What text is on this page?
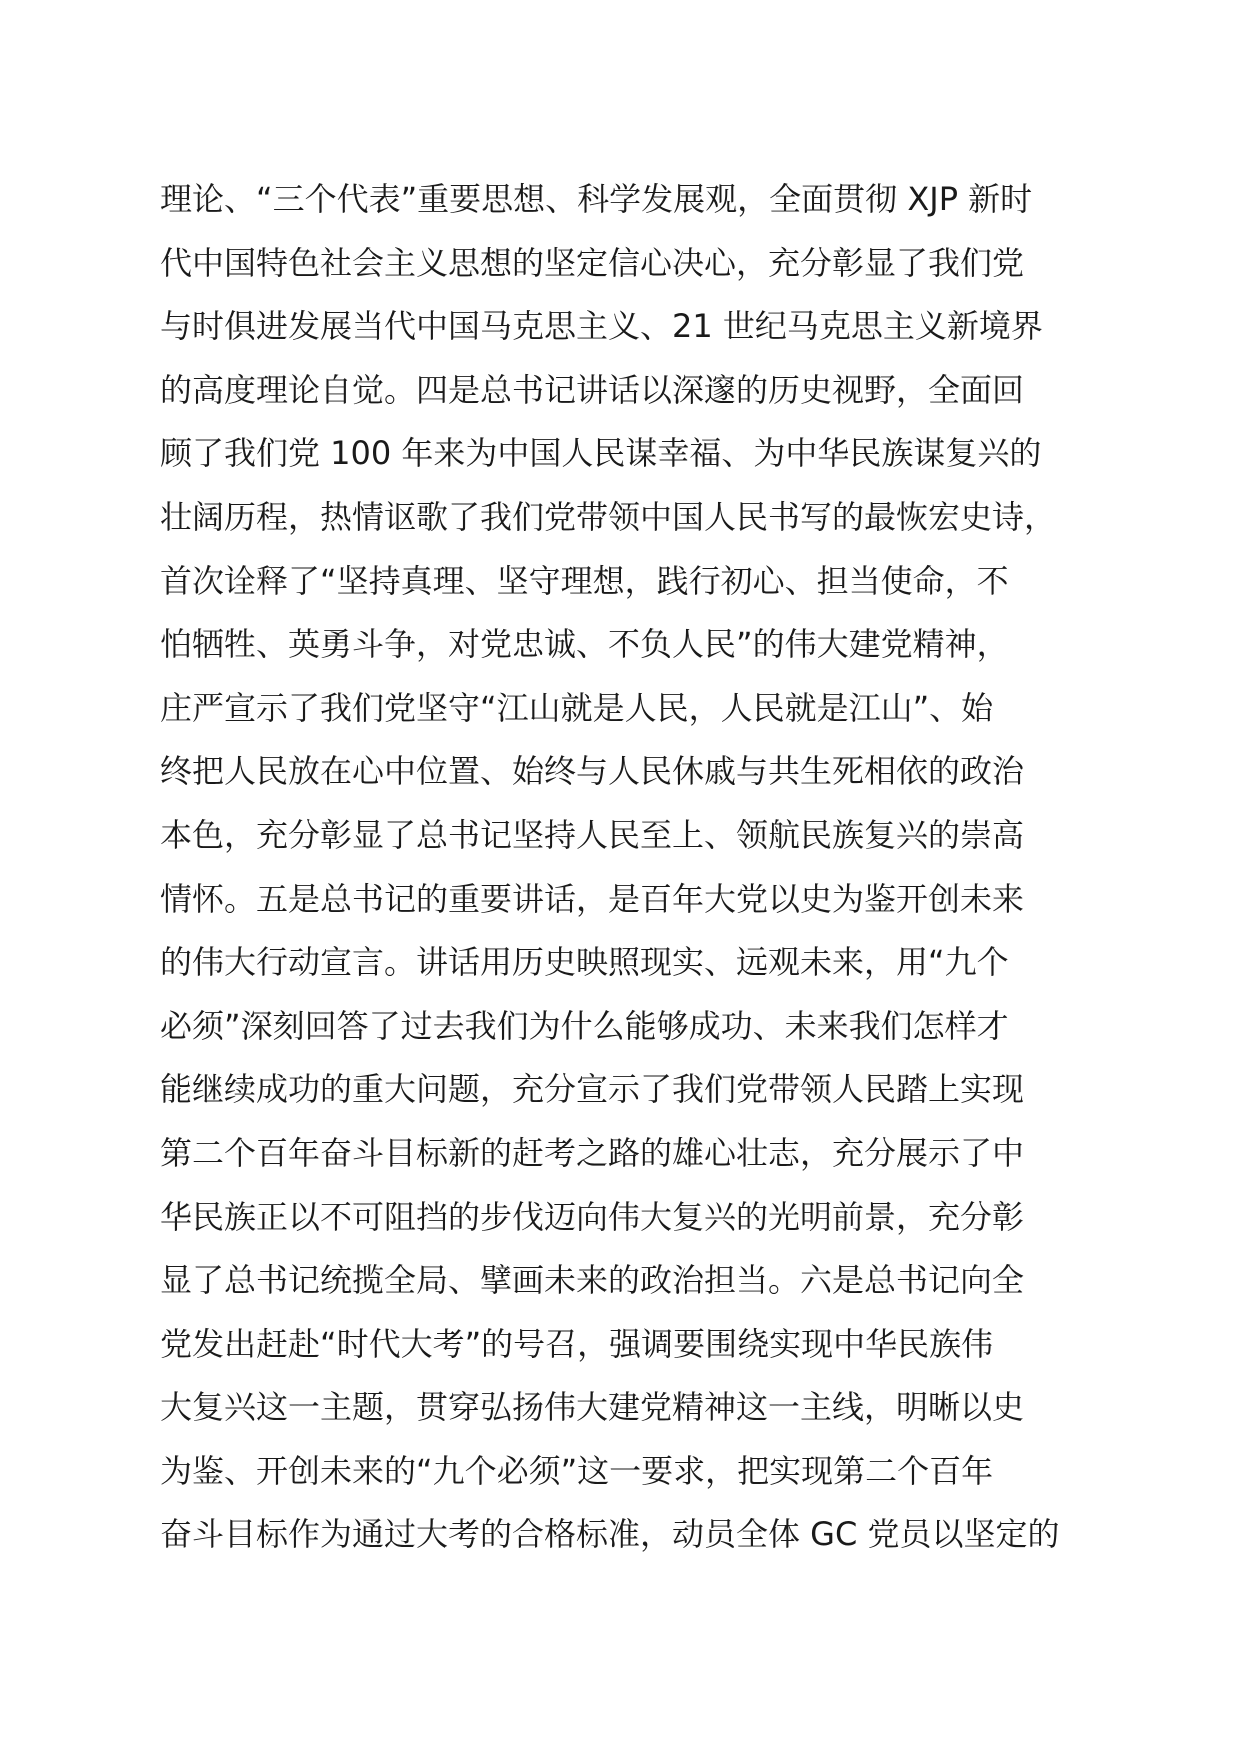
理论、“三个代表”重要思想、科学发展观，全面贯彻 XJP 新时
代中国特色社会主义思想的坚定信心决心，充分彰显了我们党
与时俱进发展当代中国马克思主义、21 世纪马克思主义新境界
的高度理论自觉。四是总书记讲话以深邃的历史视野，全面回
顾了我们党 100 年来为中国人民谋幸福、为中华民族谋复兴的
壮阔历程，热情讴歌了我们党带领中国人民书写的最恢宏史诗，
首次诠释了“坚持真理、坚守理想，践行初心、担当使命，不
怕牺牲、英勇斗争，对党忠诚、不负人民”的伟大建党精神，
庄严宣示了我们党坚守“江山就是人民，人民就是江山”、始
终把人民放在心中位置、始终与人民休戚与共生死相依的政治
本色，充分彰显了总书记坚持人民至上、领航民族复兴的崇高
情怀。五是总书记的重要讲话，是百年大党以史为鉴开创未来
的伟大行动宣言。讲话用历史映照现实、远观未来，用“九个
必须”深刻回答了过去我们为什么能够成功、未来我们怎样才
能继续成功的重大问题，充分宣示了我们党带领人民踏上实现
第二个百年奋斗目标新的赶考之路的雄心壮志，充分展示了中
华民族正以不可阻挡的步伐迈向伟大复兴的光明前景，充分彰
显了总书记统揽全局、擘画未来的政治担当。六是总书记向全
党发出赶赴“时代大考”的号召，强调要围绕实现中华民族伟
大复兴这一主题，贯穿弘扬伟大建党精神这一主线，明晰以史
为鉴、开创未来的“九个必须”这一要求，把实现第二个百年
奋斗目标作为通过大考的合格标准，动员全体 GC 党员以坚定的
